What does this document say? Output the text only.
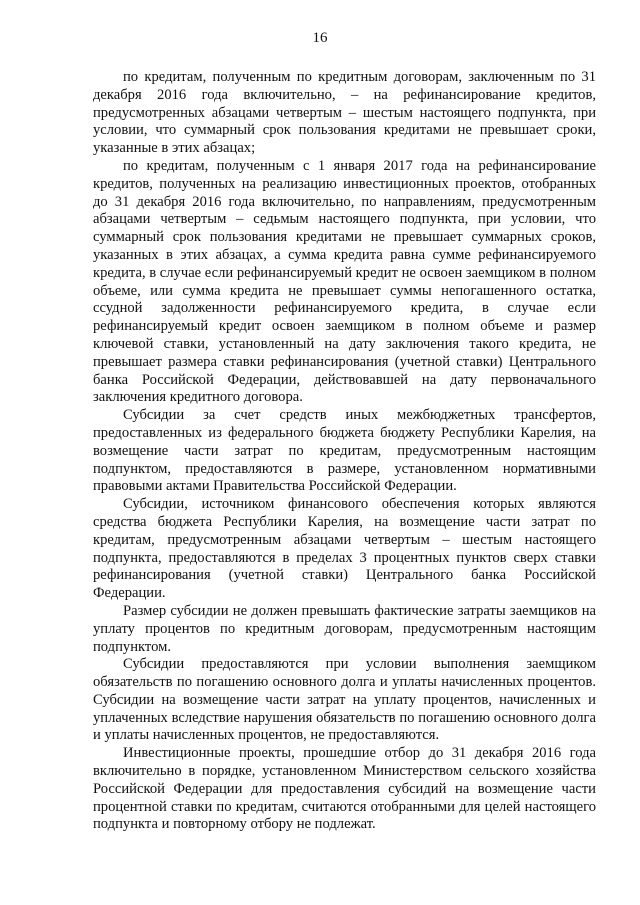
16

по кредитам, полученным по кредитным договорам, заключенным по 31 декабря 2016 года включительно, – на рефинансирование кредитов, предусмотренных абзацами четвертым – шестым настоящего подпункта, при условии, что суммарный срок пользования кредитами не превышает сроки, указанные в этих абзацах;

по кредитам, полученным с 1 января 2017 года на рефинансирование кредитов, полученных на реализацию инвестиционных проектов, отобранных до 31 декабря 2016 года включительно, по направлениям, предусмотренным абзацами четвертым – седьмым настоящего подпункта, при условии, что суммарный срок пользования кредитами не превышает суммарных сроков, указанных в этих абзацах, а сумма кредита равна сумме рефинансируемого кредита, в случае если рефинансируемый кредит не освоен заемщиком в полном объеме, или сумма кредита не превышает суммы непогашенного остатка, ссудной задолженности рефинансируемого кредита, в случае если рефинансируемый кредит освоен заемщиком в полном объеме и размер ключевой ставки, установленный на дату заключения такого кредита, не превышает размера ставки рефинансирования (учетной ставки) Центрального банка Российской Федерации, действовавшей на дату первоначального заключения кредитного договора.

Субсидии за счет средств иных межбюджетных трансфертов, предоставленных из федерального бюджета бюджету Республики Карелия, на возмещение части затрат по кредитам, предусмотренным настоящим подпунктом, предоставляются в размере, установленном нормативными правовыми актами Правительства Российской Федерации.

Субсидии, источником финансового обеспечения которых являются средства бюджета Республики Карелия, на возмещение части затрат по кредитам, предусмотренным абзацами четвертым – шестым настоящего подпункта, предоставляются в пределах 3 процентных пунктов сверх ставки рефинансирования (учетной ставки) Центрального банка Российской Федерации.

Размер субсидии не должен превышать фактические затраты заемщиков на уплату процентов по кредитным договорам, предусмотренным настоящим подпунктом.

Субсидии предоставляются при условии выполнения заемщиком обязательств по погашению основного долга и уплаты начисленных процентов. Субсидии на возмещение части затрат на уплату процентов, начисленных и уплаченных вследствие нарушения обязательств по погашению основного долга и уплаты начисленных процентов, не предоставляются.

Инвестиционные проекты, прошедшие отбор до 31 декабря 2016 года включительно в порядке, установленном Министерством сельского хозяйства Российской Федерации для предоставления субсидий на возмещение части процентной ставки по кредитам, считаются отобранными для целей настоящего подпункта и повторному отбору не подлежат.
